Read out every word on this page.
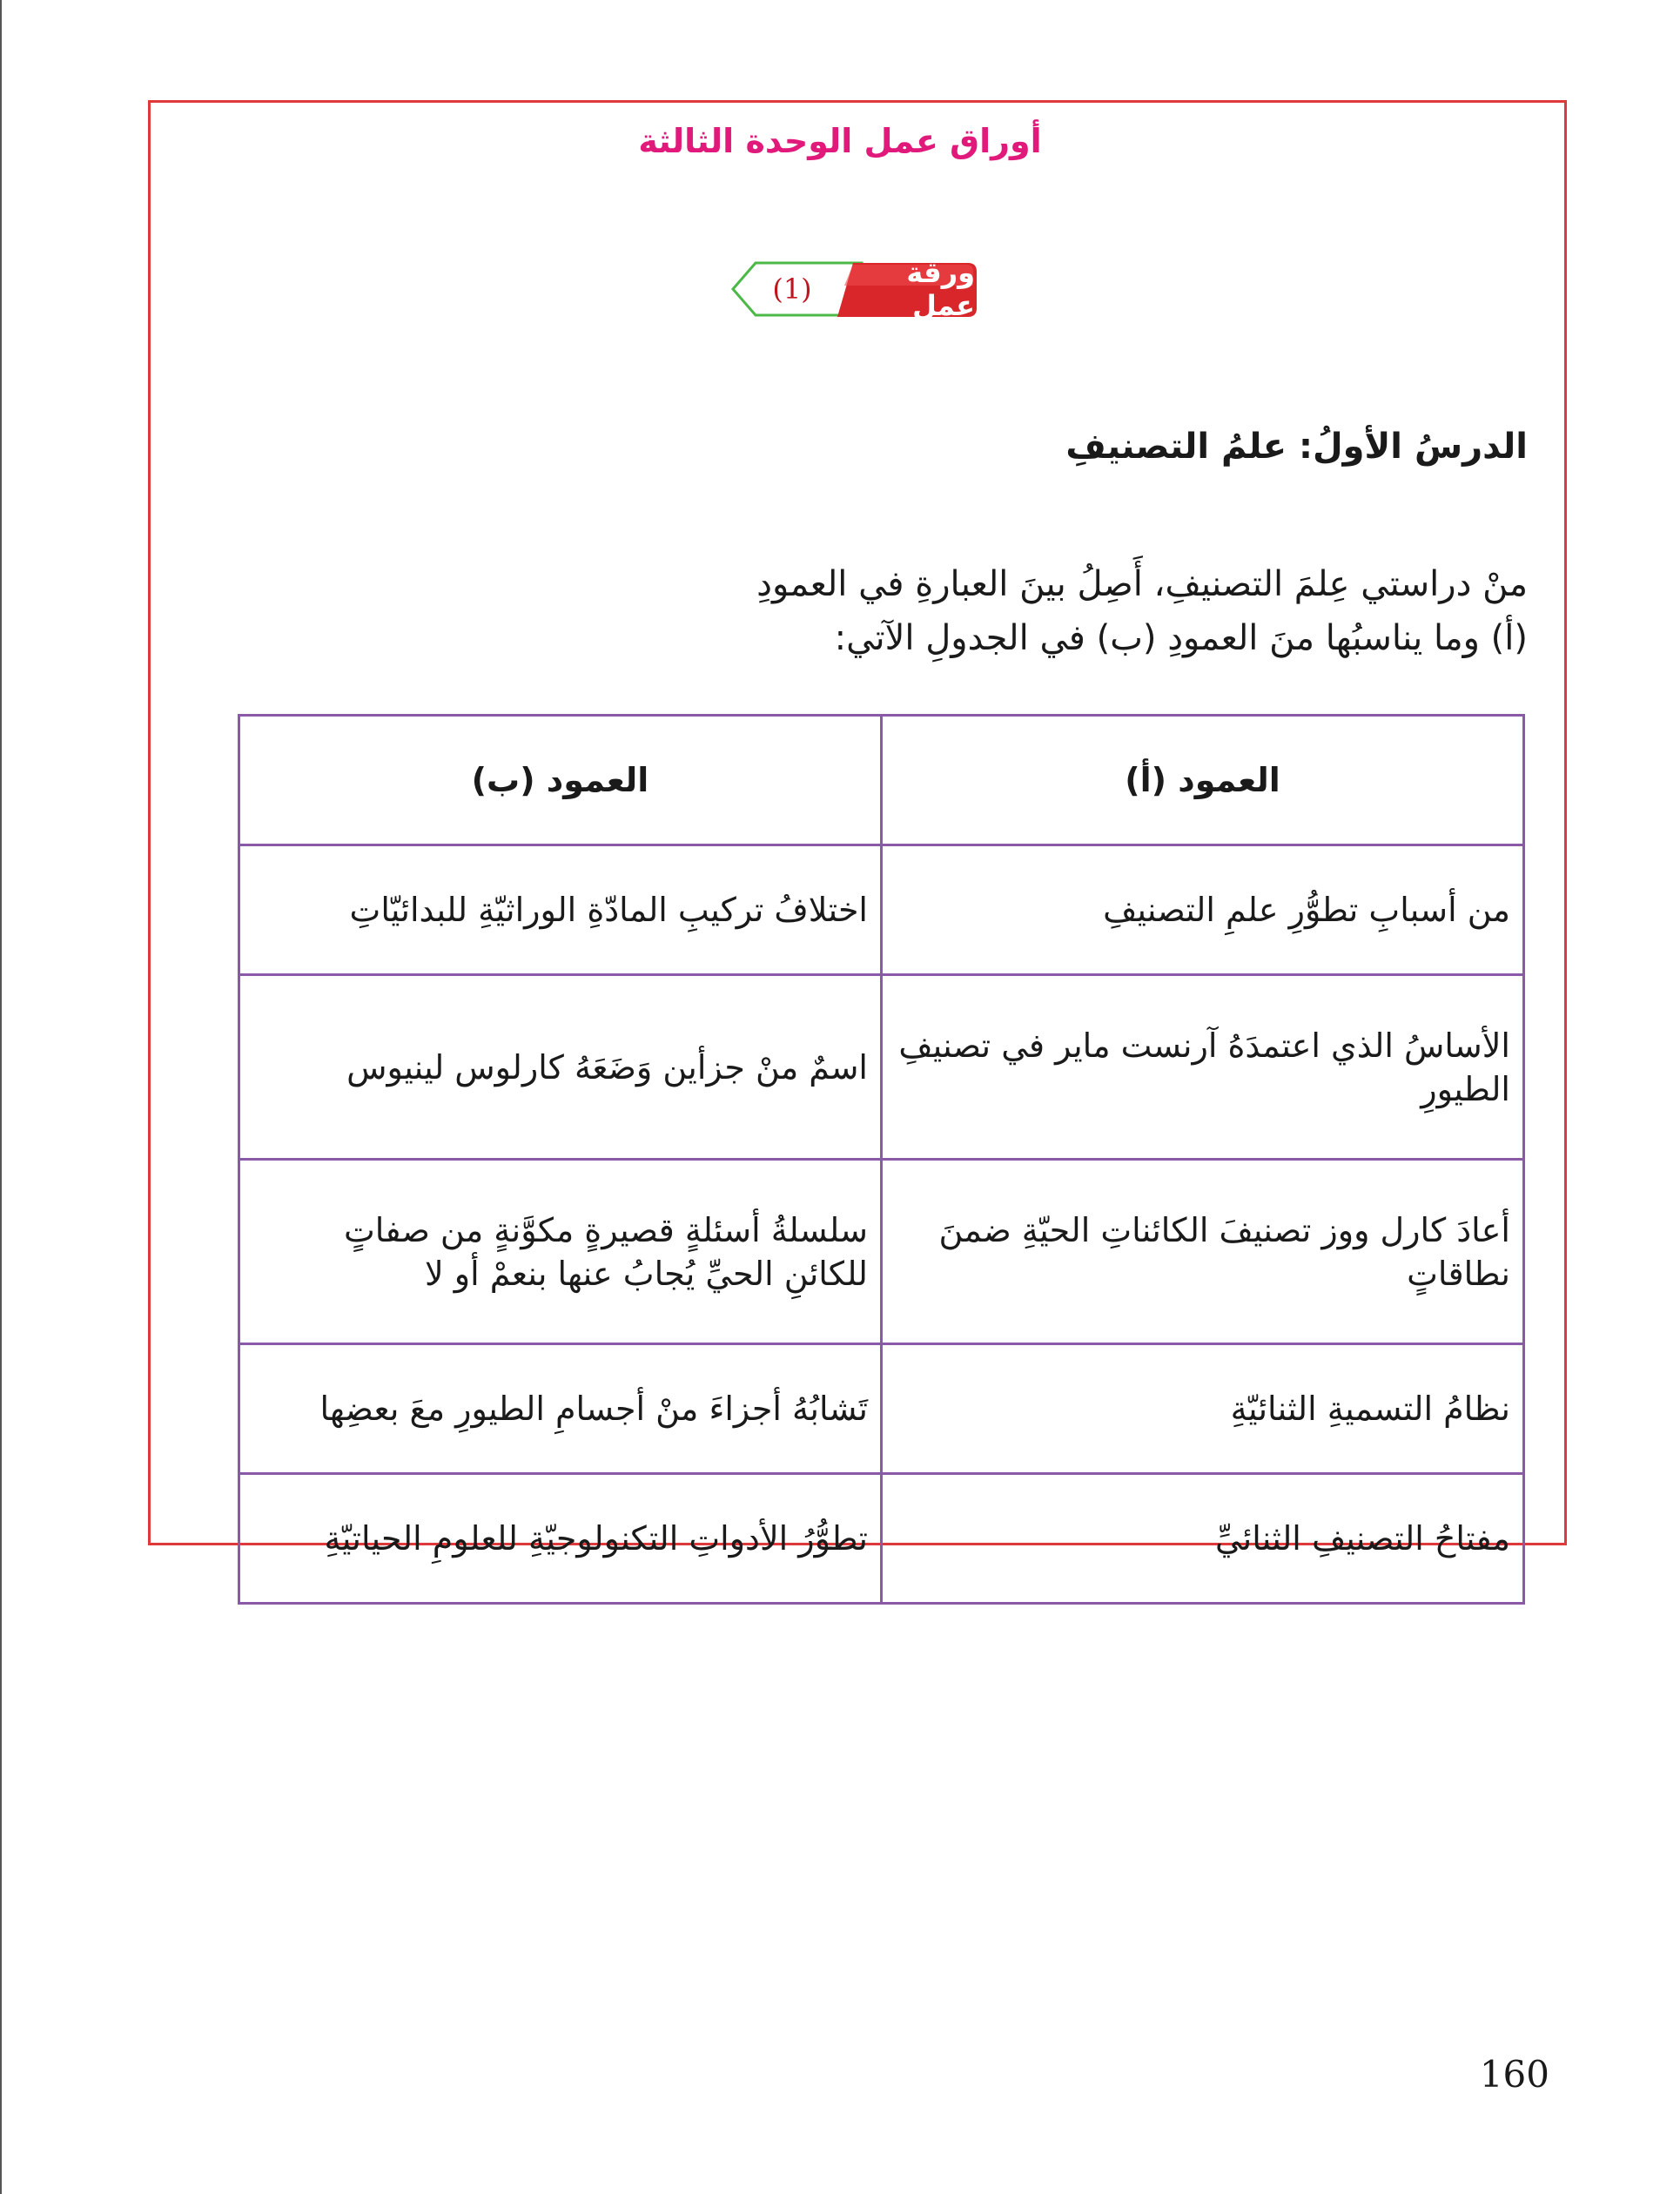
أوراق عمل الوحدة الثالثة
ورقة عمل
(1)
الدرسُ الأولُ: علمُ التصنيفِ

منْ دراستي عِلمَ التصنيفِ، أَصِلُ بينَ العبارةِ في العمودِ

(أ) وما يناسبُها منَ العمودِ (ب) في الجدولِ الآتي:

العمود (أ)	العمود (ب)
من أسبابِ تطوُّرِ علمِ التصنيفِ	اختلافُ تركيبِ المادّةِ الوراثيّةِ للبدائيّاتِ
الأساسُ الذي اعتمدَهُ آرنست ماير في تصنيفِ الطيورِ	اسمٌ منْ جزأين وَضَعَهُ كارلوس لينيوس
أعادَ كارل ووز تصنيفَ الكائناتِ الحيّةِ ضمنَ نطاقاتٍ	سلسلةُ أسئلةٍ قصيرةٍ مكوَّنةٍ من صفاتٍ للكائنِ الحيِّ يُجابُ عنها بنعمْ أو لا
نظامُ التسميةِ الثنائيّةِ	تَشابُهُ أجزاءَ منْ أجسامِ الطيورِ معَ بعضِها
مفتاحُ التصنيفِ الثنائيِّ	تطوُّرُ الأدواتِ التكنولوجيّةِ للعلومِ الحياتيّةِ
160
